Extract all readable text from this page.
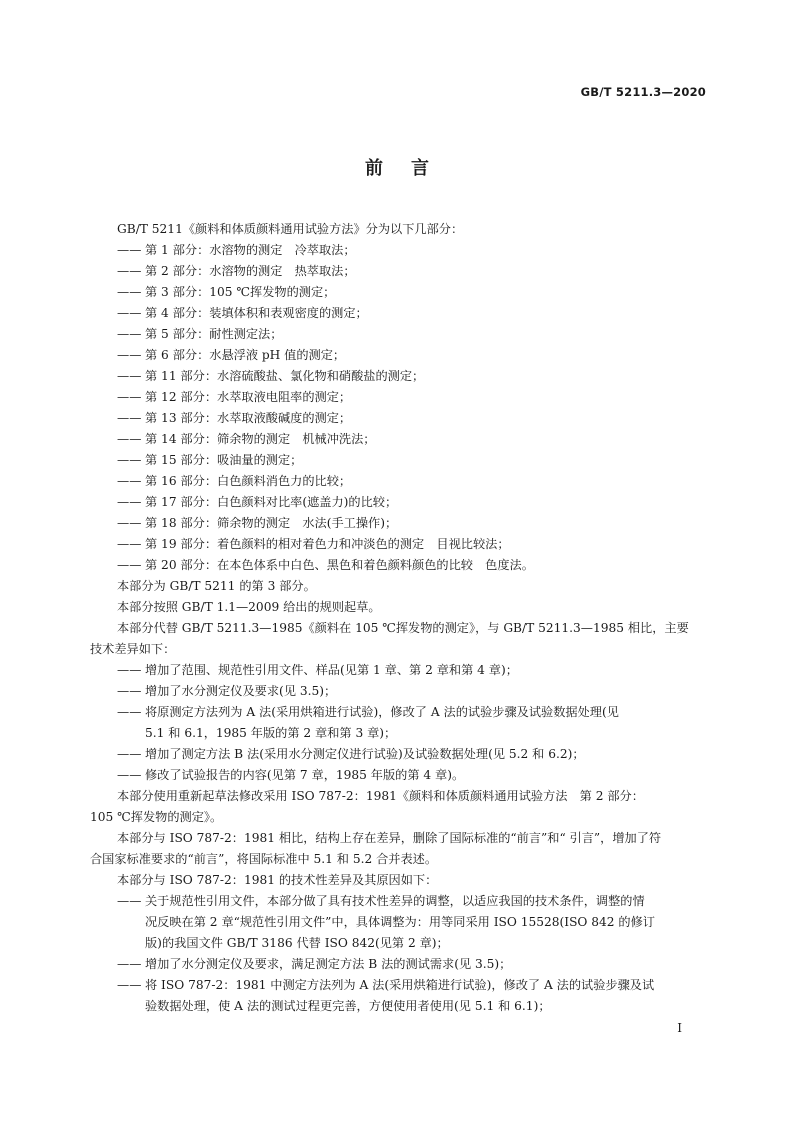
GB/T 5211.3—2020
前言
GB/T 5211《颜料和体质颜料通用试验方法》分为以下几部分：
—— 第 1 部分：水溶物的测定　冷萃取法；
—— 第 2 部分：水溶物的测定　热萃取法；
—— 第 3 部分：105 ℃挥发物的测定；
—— 第 4 部分：装填体积和表观密度的测定；
—— 第 5 部分：耐性测定法；
—— 第 6 部分：水悬浮液 pH 值的测定；
—— 第 11 部分：水溶硫酸盐、氯化物和硝酸盐的测定；
—— 第 12 部分：水萃取液电阻率的测定；
—— 第 13 部分：水萃取液酸碱度的测定；
—— 第 14 部分：筛余物的测定　机械冲洗法；
—— 第 15 部分：吸油量的测定；
—— 第 16 部分：白色颜料消色力的比较；
—— 第 17 部分：白色颜料对比率(遮盖力)的比较；
—— 第 18 部分：筛余物的测定　水法(手工操作)；
—— 第 19 部分：着色颜料的相对着色力和冲淡色的测定　目视比较法；
—— 第 20 部分：在本色体系中白色、黑色和着色颜料颜色的比较　色度法。
本部分为 GB/T 5211 的第 3 部分。
本部分按照 GB/T 1.1—2009 给出的规则起草。
本部分代替 GB/T 5211.3—1985《颜料在 105 ℃挥发物的测定》，与 GB/T 5211.3—1985 相比，主要
技术差异如下：
—— 增加了范围、规范性引用文件、样品(见第 1 章、第 2 章和第 4 章)；
—— 增加了水分测定仪及要求(见 3.5)；
—— 将原测定方法列为 A 法(采用烘箱进行试验)，修改了 A 法的试验步骤及试验数据处理(见
5.1 和 6.1，1985 年版的第 2 章和第 3 章)；
—— 增加了测定方法 B 法(采用水分测定仪进行试验)及试验数据处理(见 5.2 和 6.2)；
—— 修改了试验报告的内容(见第 7 章，1985 年版的第 4 章)。
本部分使用重新起草法修改采用 ISO 787-2：1981《颜料和体质颜料通用试验方法　第 2 部分：
105 ℃挥发物的测定》。
本部分与 ISO 787-2：1981 相比，结构上存在差异，删除了国际标准的“前言”和“ 引言”，增加了符
合国家标准要求的“前言”，将国际标准中 5.1 和 5.2 合并表述。
本部分与 ISO 787-2：1981 的技术性差异及其原因如下：
—— 关于规范性引用文件，本部分做了具有技术性差异的调整，以适应我国的技术条件，调整的情
况反映在第 2 章“规范性引用文件”中，具体调整为：用等同采用 ISO 15528(ISO 842 的修订
版)的我国文件 GB/T 3186 代替 ISO 842(见第 2 章)；
—— 增加了水分测定仪及要求，满足测定方法 B 法的测试需求(见 3.5)；
—— 将 ISO 787-2：1981 中测定方法列为 A 法(采用烘箱进行试验)，修改了 A 法的试验步骤及试
验数据处理，使 A 法的测试过程更完善，方便使用者使用(见 5.1 和 6.1)；
I
